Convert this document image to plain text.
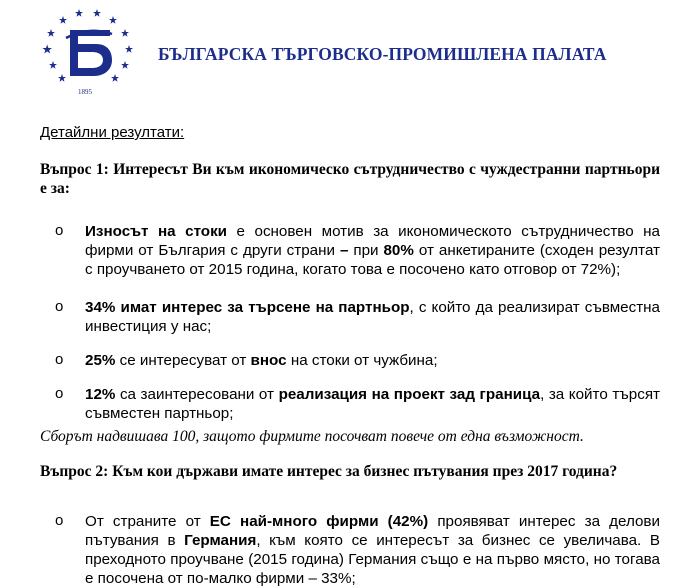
1895
БЪЛГАРСКА ТЪРГОВСКО-ПРОМИШЛЕНА ПАЛАТА
Детайлни резултати:
Въпрос 1: Интересът Ви към икономическо сътрудничество с чуждестранни партньори е за:
o Износът на стоки е основен мотив за икономическото сътрудничество на фирми от България с други страни – при 80% от анкетираните (сходен резултат с проучването от 2015 година, когато това е посочено като отговор от 72%);
o 34% имат интерес за търсене на партньор, с който да реализират съвместна инвестиция у нас;
o 25% се интересуват от внос на стоки от чужбина;
o 12% са заинтересовани от реализация на проект зад граница, за който търсят съвместен партньор;
Сборът надвишава 100, защото фирмите посочват повече от една възможност.
Въпрос 2: Към кои държави имате интерес за бизнес пътувания през 2017 година?
o От страните от ЕС най-много фирми (42%) проявяват интерес за делови пътувания в Германия, към която се интересът за бизнес се увеличава. В преходното проучване (2015 година) Германия също е на първо място, но тогава е посочена от по-малко фирми – 33%;
